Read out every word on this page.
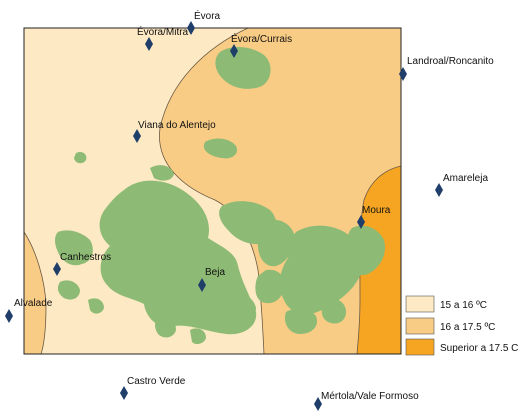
Évora
Évora/Mitra
Évora/Currais
Landroal/Roncanito
Viana do Alentejo
Amareleja
Moura
Canhestros
Beja
Alvalade
Castro Verde
Mértola/Vale Formoso
15 a 16 ºC
16 a 17.5 ºC
Superior a 17.5 C
